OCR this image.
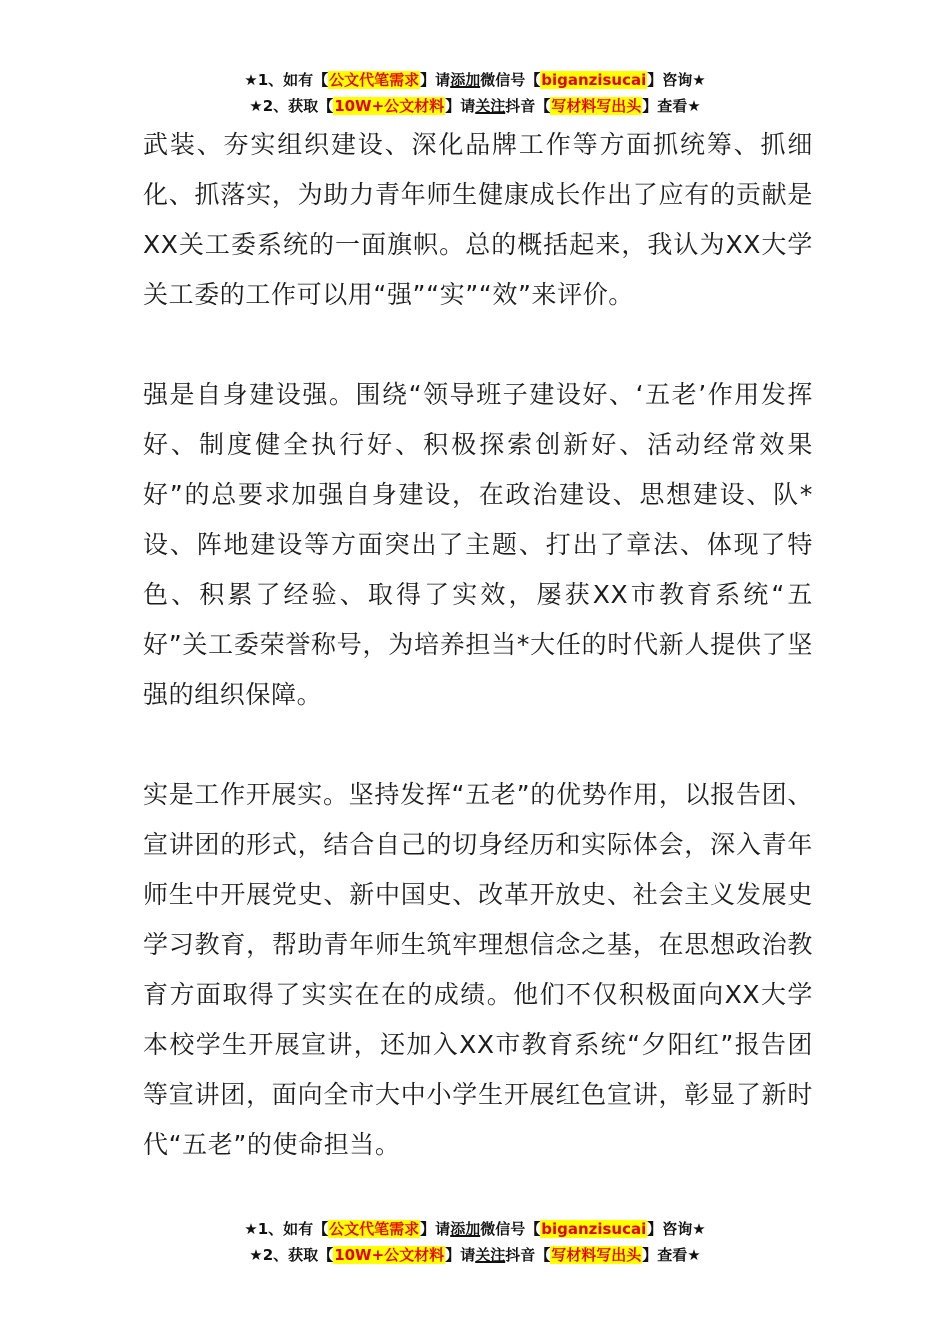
★1、如有【公文代笔需求】请添加微信号【biganzisucai】咨询★
★2、获取【10W+公文材料】请关注抖音【写材料写出头】查看★

武装、夯实组织建设、深化品牌工作等方面抓统筹、抓细化、抓落实，为助力青年师生健康成长作出了应有的贡献是XX关工委系统的一面旗帜。总的概括起来，我认为XX大学关工委的工作可以用“强”“实”“效”来评价。

强是自身建设强。围绕“领导班子建设好、‘五老’作用发挥好、制度健全执行好、积极探索创新好、活动经常效果好”的总要求加强自身建设，在政治建设、思想建设、队*设、阵地建设等方面突出了主题、打出了章法、体现了特色、积累了经验、取得了实效，屡获XX市教育系统“五好”关工委荣誉称号，为培养担当*大任的时代新人提供了坚强的组织保障。

实是工作开展实。坚持发挥“五老”的优势作用，以报告团、宣讲团的形式，结合自己的切身经历和实际体会，深入青年师生中开展党史、新中国史、改革开放史、社会主义发展史学习教育，帮助青年师生筑牢理想信念之基，在思想政治教育方面取得了实实在在的成绩。他们不仅积极面向XX大学本校学生开展宣讲，还加入XX市教育系统“夕阳红”报告团等宣讲团，面向全市大中小学生开展红色宣讲，彰显了新时代“五老”的使命担当。

★1、如有【公文代笔需求】请添加微信号【biganzisucai】咨询★
★2、获取【10W+公文材料】请关注抖音【写材料写出头】查看★
